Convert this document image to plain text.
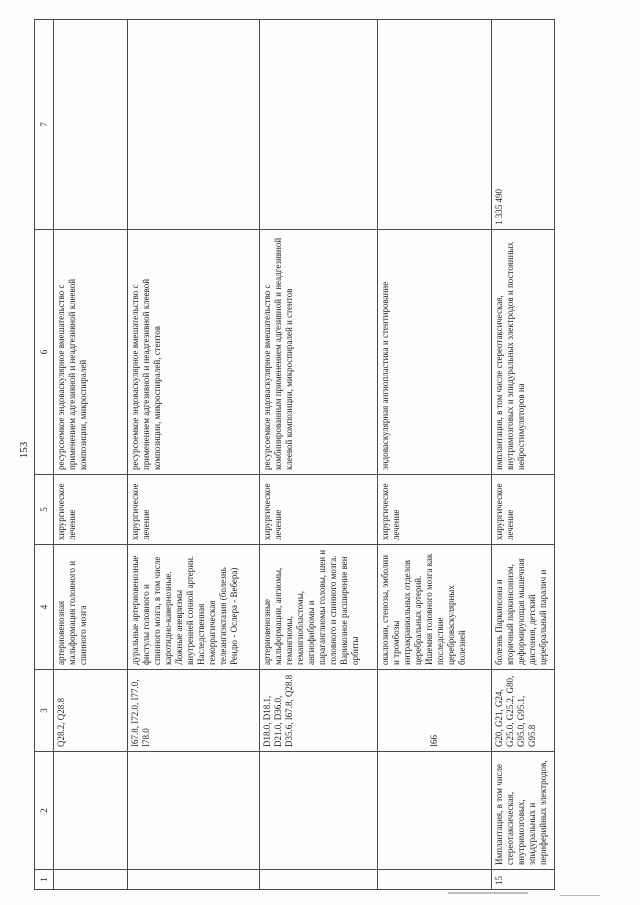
153
1	2	3	4	5	6	7
		Q28.2, Q28.8	артериовенозная мальформация головного и спинного мозга	хирургическое лечение	ресурсоемкое эндоваскулярное вмешательство с применением адгезивной и неадгезивной клеевой композиции, микроспиралей	
		I67.8, I72.0, I77.0, I78.0	дуральные артериовенозные фистулы головного и спинного мозга, в том числе каротидно-кавернозные. Ложные аневризмы внутренней сонной артерии. Наследственная геморрагическая телеангиэктазия (болезнь Рендю - Ослера - Вебера)	хирургическое лечение	ресурсоемкое эндоваскулярное вмешательство с применением адгезивной и неадгезивной клеевой композиции, микроспиралей, стентов	
		D18.0, D18.1, D21.0, D36.0, D35.6, I67.8, Q28.8	артериовенозные мальформации, ангиомы, гемангиомы, гемангиобластомы, ангиофибромы и параганглиомы головы, шеи и головного и спинного мозга. Варикозное расширение вен орбиты	хирургическое лечение	ресурсоемкое эндоваскулярное вмешательство с комбинированным применением адгезивной и неадгезивной клеевой композиции, микроспиралей и стентов	
		I66	окклюзии, стенозы, эмболии и тромбозы интракраниальных отделов церебральных артерий. Ишемия головного мозга как последствие цереброваскулярных болезней	хирургическое лечение	эндоваскулярная ангиопластика и стентирование	
15	Имплантация, в том числе стереотаксическая, внутримозговых, эпидуральных и периферийных электродов,	G20, G21, G24, G25.0, G25.2, G80, G95.0, G95.1, G95.8	болезнь Паркинсона и вторичный паркинсонизм, деформирующая мышечная дистония, детский церебральный паралич и	хирургическое лечение	имплантация, в том числе стереотаксическая, внутримозговых и эпидуральных электродов и постоянных нейростимуляторов на	1 335 490
